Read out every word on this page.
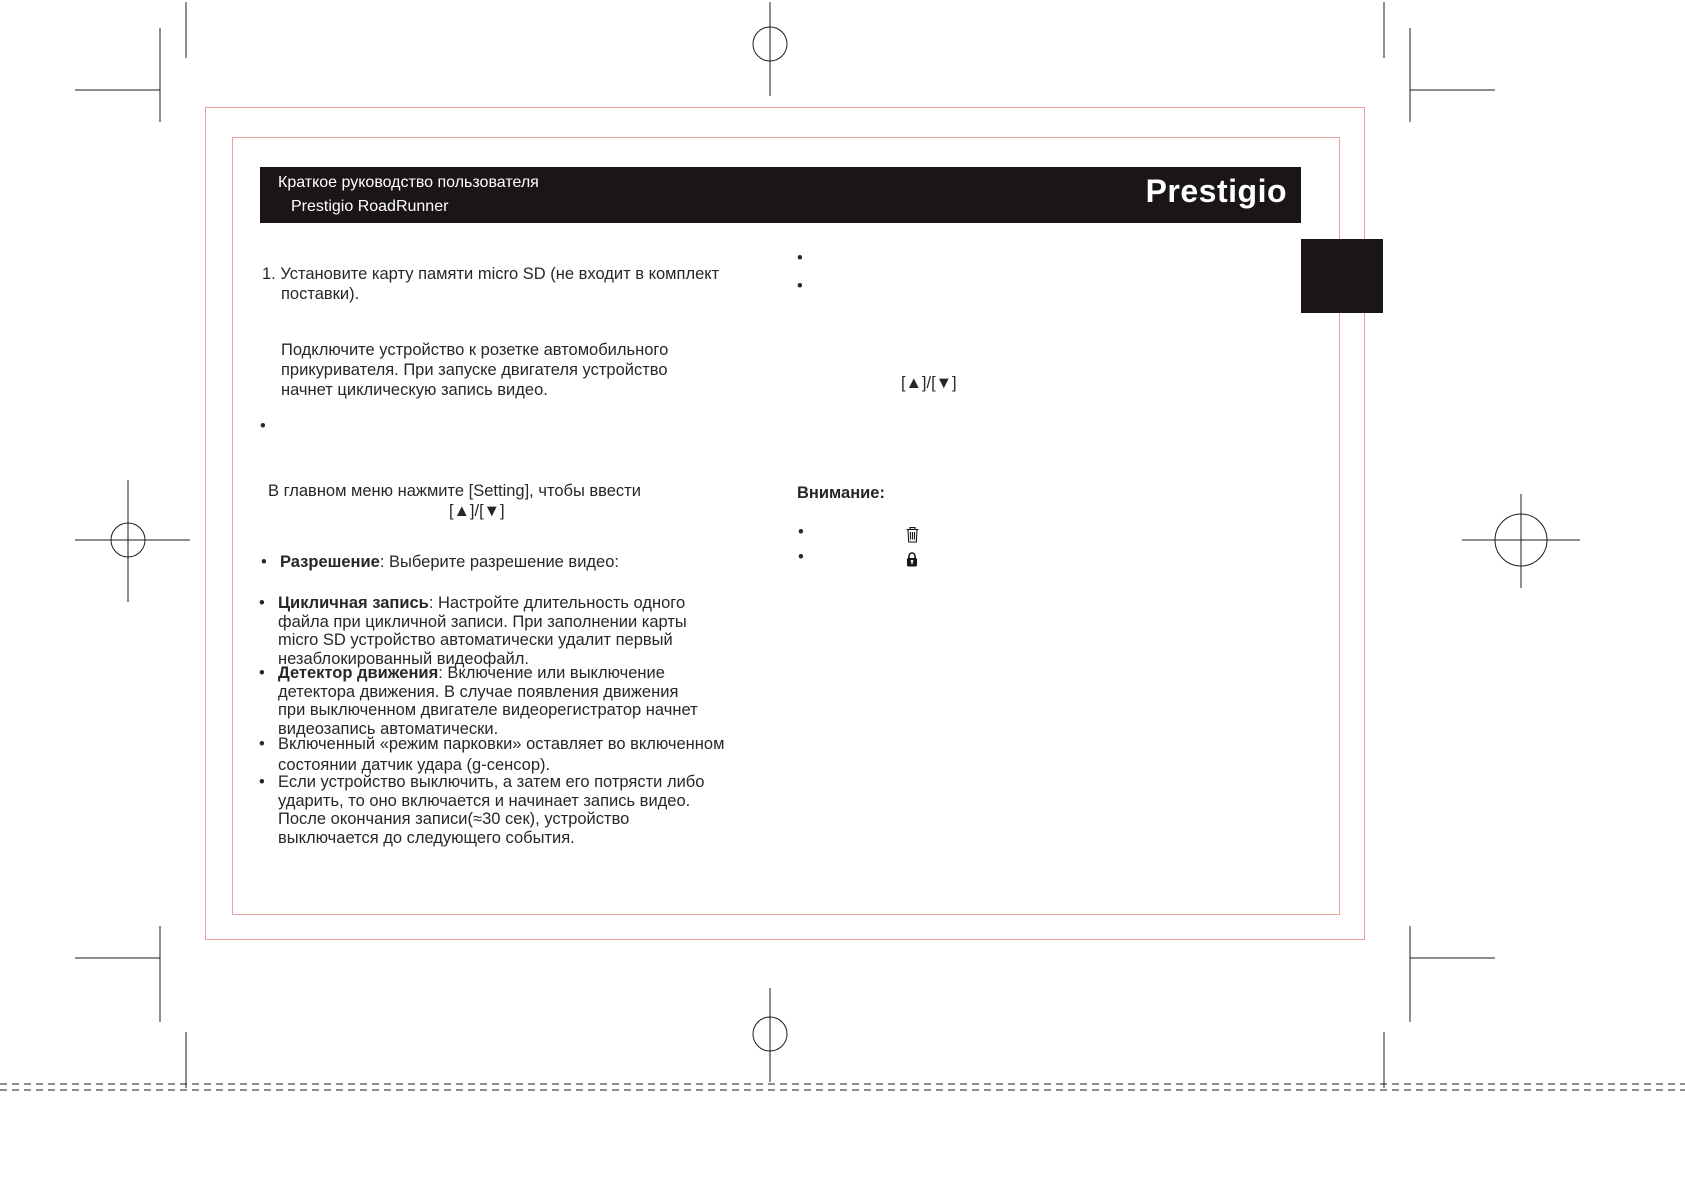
Краткое руководство пользователя
Prestigio RoadRunner	Prestigio
1. Установите карту памяти micro SD (не входит в комплект
поставки).
Подключите устройство к розетке автомобильного
прикуривателя. При запуске двигателя устройство
начнет циклическую запись видео.
•
В главном меню нажмите [Setting], чтобы ввести
[▲]/[▼]
• Разрешение: Выберите разрешение видео:
• Цикличная запись: Настройте длительность одного
файла при цикличной записи. При заполнении карты
micro SD устройство автоматически удалит первый
незаблокированный видеофайл.
• Детектор движения: Включение или выключение
детектора движения. В случае появления движения
при выключенном двигателе видеорегистратор начнет
видеозапись автоматически.
• Включенный «режим парковки» оставляет во включенном
состоянии датчик удара (g-сенсор).
• Если устройство выключить, а затем его потрясти либо
ударить, то оно включается и начинает запись видео.
После окончания записи(≈30 сек), устройство
выключается до следующего события.
•
•
[▲]/[▼]
Внимание:
•
•
